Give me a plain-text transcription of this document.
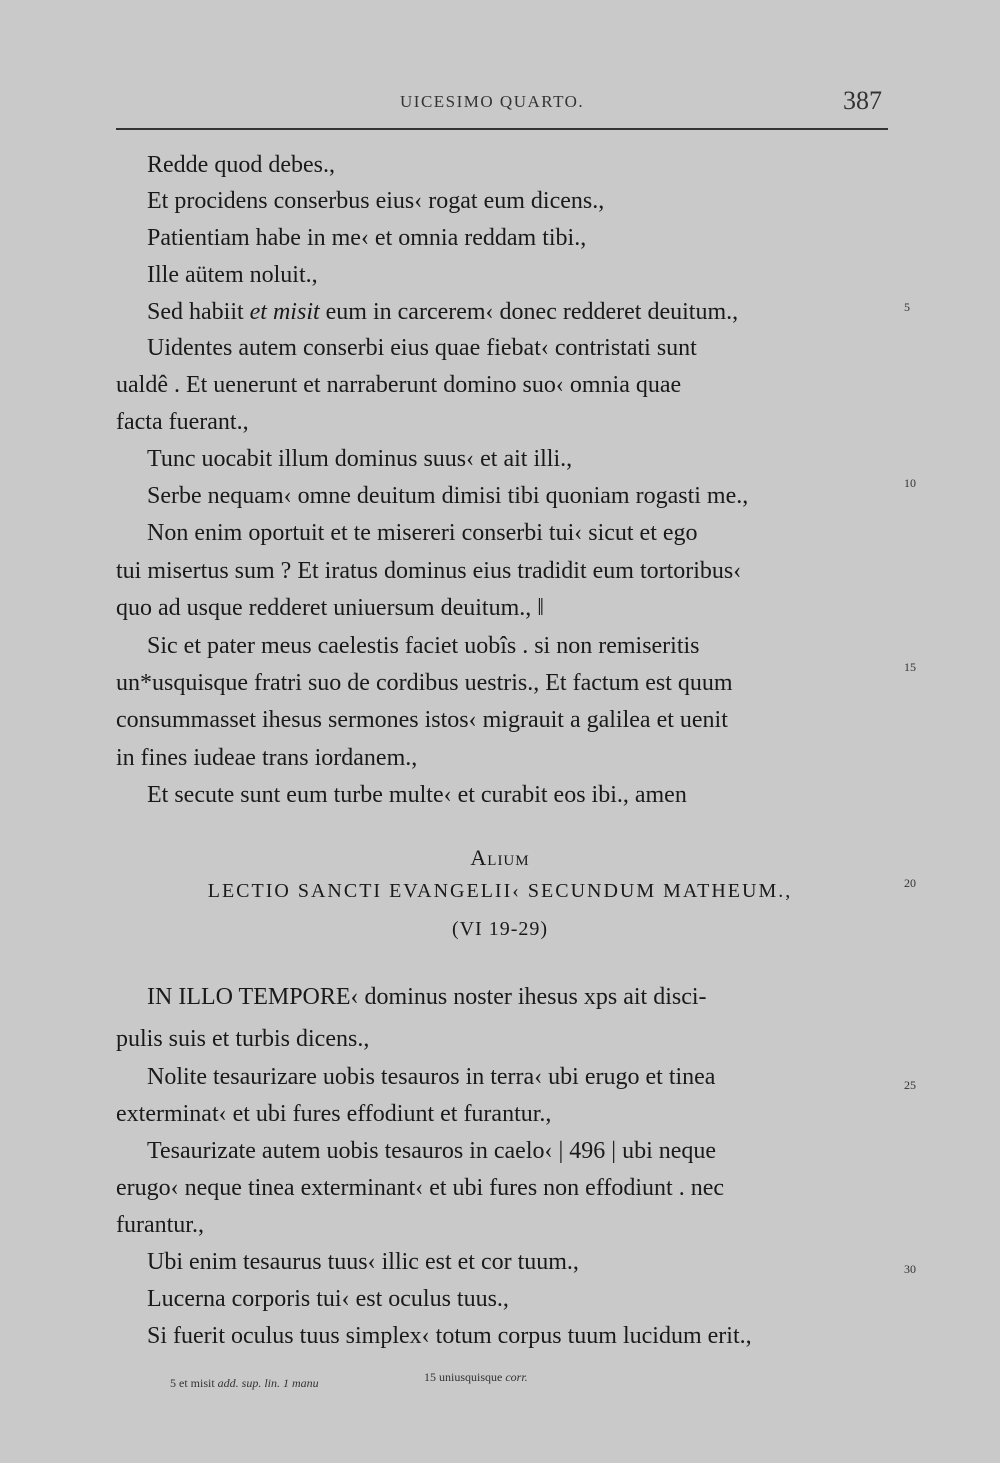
UICESIMO QUARTO.	387
Redde quod debes.,
Et procidens conserbus eius‹ rogat eum dicens.,
Patientiam habe in me‹ et omnia reddam tibi.,
Ille aütem noluit.,
Sed habiit et misit eum in carcerem‹ donec redderet deuitum.,
Uidentes autem conserbi eius quae fiebat‹ contristati sunt
ualdê . Et uenerunt et narraberunt domino suo‹ omnia quae
facta fuerant.,
Tunc uocabit illum dominus suus‹ et ait illi.,
Serbe nequam‹ omne deuitum dimisi tibi quoniam rogasti me.,
Non enim oportuit et te misereri conserbi tui‹ sicut et ego
tui misertus sum ? Et iratus dominus eius tradidit eum tortoribus‹
quo ad usque redderet uniuersum deuitum., ‖
Sic et pater meus caelestis faciet uobîs . si non remiseritis
un*usquisque fratri suo de cordibus uestris., Et factum est quum
consummasset ihesus sermones istos‹ migrauit a galilea et uenit
in fines iudeae trans iordanem.,
Et secute sunt eum turbe multe‹ et curabit eos ibi., amen
Alium
LECTIO SANCTI EVANGELII‹ SECUNDUM MATHEUM.,
(VI 19-29)
IN ILLO TEMPORE‹ dominus noster ihesus xps ait disci-
pulis suis et turbis dicens.,
Nolite tesaurizare uobis tesauros in terra‹ ubi erugo et tinea
exterminat‹ et ubi fures effodiunt et furantur.,
Tesaurizate autem uobis tesauros in caelo‹ | 496 | ubi neque
erugo‹ neque tinea exterminant‹ et ubi fures non effodiunt . nec
furantur.,
Ubi enim tesaurus tuus‹ illic est et cor tuum.,
Lucerna corporis tui‹ est oculus tuus.,
Si fuerit oculus tuus simplex‹ totum corpus tuum lucidum erit.,
5
10
15
20
25
30
5 et misit add. sup. lin. 1 manu	15 uniusquisque corr.
